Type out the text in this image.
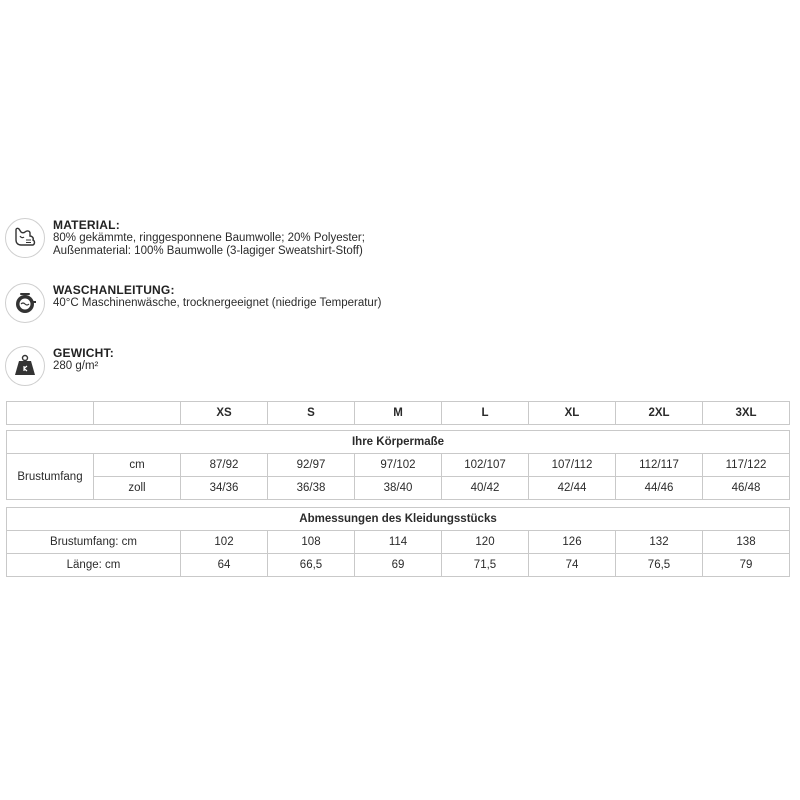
MATERIAL:
80% gekämmte, ringgesponnene Baumwolle; 20% Polyester;
Außenmaterial: 100% Baumwolle (3-lagiger Sweatshirt-Stoff)
WASCHANLEITUNG:
40°C Maschinenwäsche, trocknergeeignet (niedrige Temperatur)
GEWICHT:
280 g/m²
		XS	S	M	L	XL	2XL	3XL
Ihre Körpermaße								
Brustumfang	cm	87/92	92/97	97/102	102/107	107/112	112/117	117/122
	zoll	34/36	36/38	38/40	40/42	42/44	44/46	46/48
Abmessungen des Kleidungsstücks							
Brustumfang: cm	102	108	114	120	126	132	138
Länge: cm	64	66,5	69	71,5	74	76,5	79
